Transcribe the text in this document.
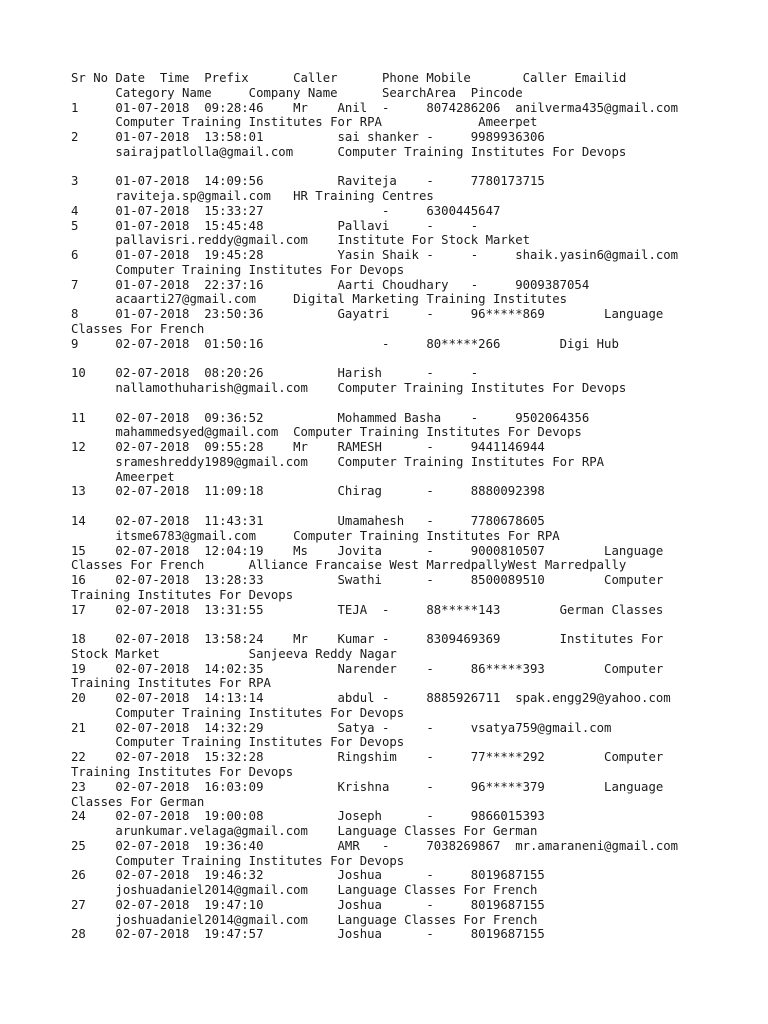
Sr No Date  Time  Prefix      Caller      Phone Mobile       Caller Emailid
Category Name     Company Name      SearchArea  Pincode
1     01-07-2018  09:28:46    Mr    Anil  -     8074286206  anilverma435@gmail.com
Computer Training Institutes For RPA             Ameerpet
2     01-07-2018  13:58:01          sai shanker -     9989936306
sairajpatlolla@gmail.com      Computer Training Institutes For Devops
3     01-07-2018  14:09:56          Raviteja    -     7780173715
raviteja.sp@gmail.com   HR Training Centres
4     01-07-2018  15:33:27                -     6300445647
5     01-07-2018  15:45:48          Pallavi     -     -
pallavisri.reddy@gmail.com    Institute For Stock Market
6     01-07-2018  19:45:28          Yasin Shaik -     -     shaik.yasin6@gmail.com
Computer Training Institutes For Devops
7     01-07-2018  22:37:16          Aarti Choudhary   -     9009387054
acaarti27@gmail.com     Digital Marketing Training Institutes
8     01-07-2018  23:50:36          Gayatri     -     96*****869        Language
Classes For French
9     02-07-2018  01:50:16                -     80*****266        Digi Hub
10    02-07-2018  08:20:26          Harish      -     -
nallamothuharish@gmail.com    Computer Training Institutes For Devops
11    02-07-2018  09:36:52          Mohammed Basha    -     9502064356
mahammedsyed@gmail.com  Computer Training Institutes For Devops
12    02-07-2018  09:55:28    Mr    RAMESH      -     9441146944
srameshreddy1989@gmail.com    Computer Training Institutes For RPA
Ameerpet
13    02-07-2018  11:09:18          Chirag      -     8880092398
14    02-07-2018  11:43:31          Umamahesh   -     7780678605
itsme6783@gmail.com     Computer Training Institutes For RPA
15    02-07-2018  12:04:19    Ms    Jovita      -     9000810507        Language
Classes For French      Alliance Francaise West MarredpallyWest Marredpally
16    02-07-2018  13:28:33          Swathi      -     8500089510        Computer
Training Institutes For Devops
17    02-07-2018  13:31:55          TEJA  -     88*****143        German Classes
18    02-07-2018  13:58:24    Mr    Kumar -     8309469369        Institutes For
Stock Market            Sanjeeva Reddy Nagar
19    02-07-2018  14:02:35          Narender    -     86*****393        Computer
Training Institutes For RPA
20    02-07-2018  14:13:14          abdul -     8885926711  spak.engg29@yahoo.com
Computer Training Institutes For Devops
21    02-07-2018  14:32:29          Satya -     -     vsatya759@gmail.com
Computer Training Institutes For Devops
22    02-07-2018  15:32:28          Ringshim    -     77*****292        Computer
Training Institutes For Devops
23    02-07-2018  16:03:09          Krishna     -     96*****379        Language
Classes For German
24    02-07-2018  19:00:08          Joseph      -     9866015393
arunkumar.velaga@gmail.com    Language Classes For German
25    02-07-2018  19:36:40          AMR   -     7038269867  mr.amaraneni@gmail.com
Computer Training Institutes For Devops
26    02-07-2018  19:46:32          Joshua      -     8019687155
joshuadaniel2014@gmail.com    Language Classes For French
27    02-07-2018  19:47:10          Joshua      -     8019687155
joshuadaniel2014@gmail.com    Language Classes For French
28    02-07-2018  19:47:57          Joshua      -     8019687155
